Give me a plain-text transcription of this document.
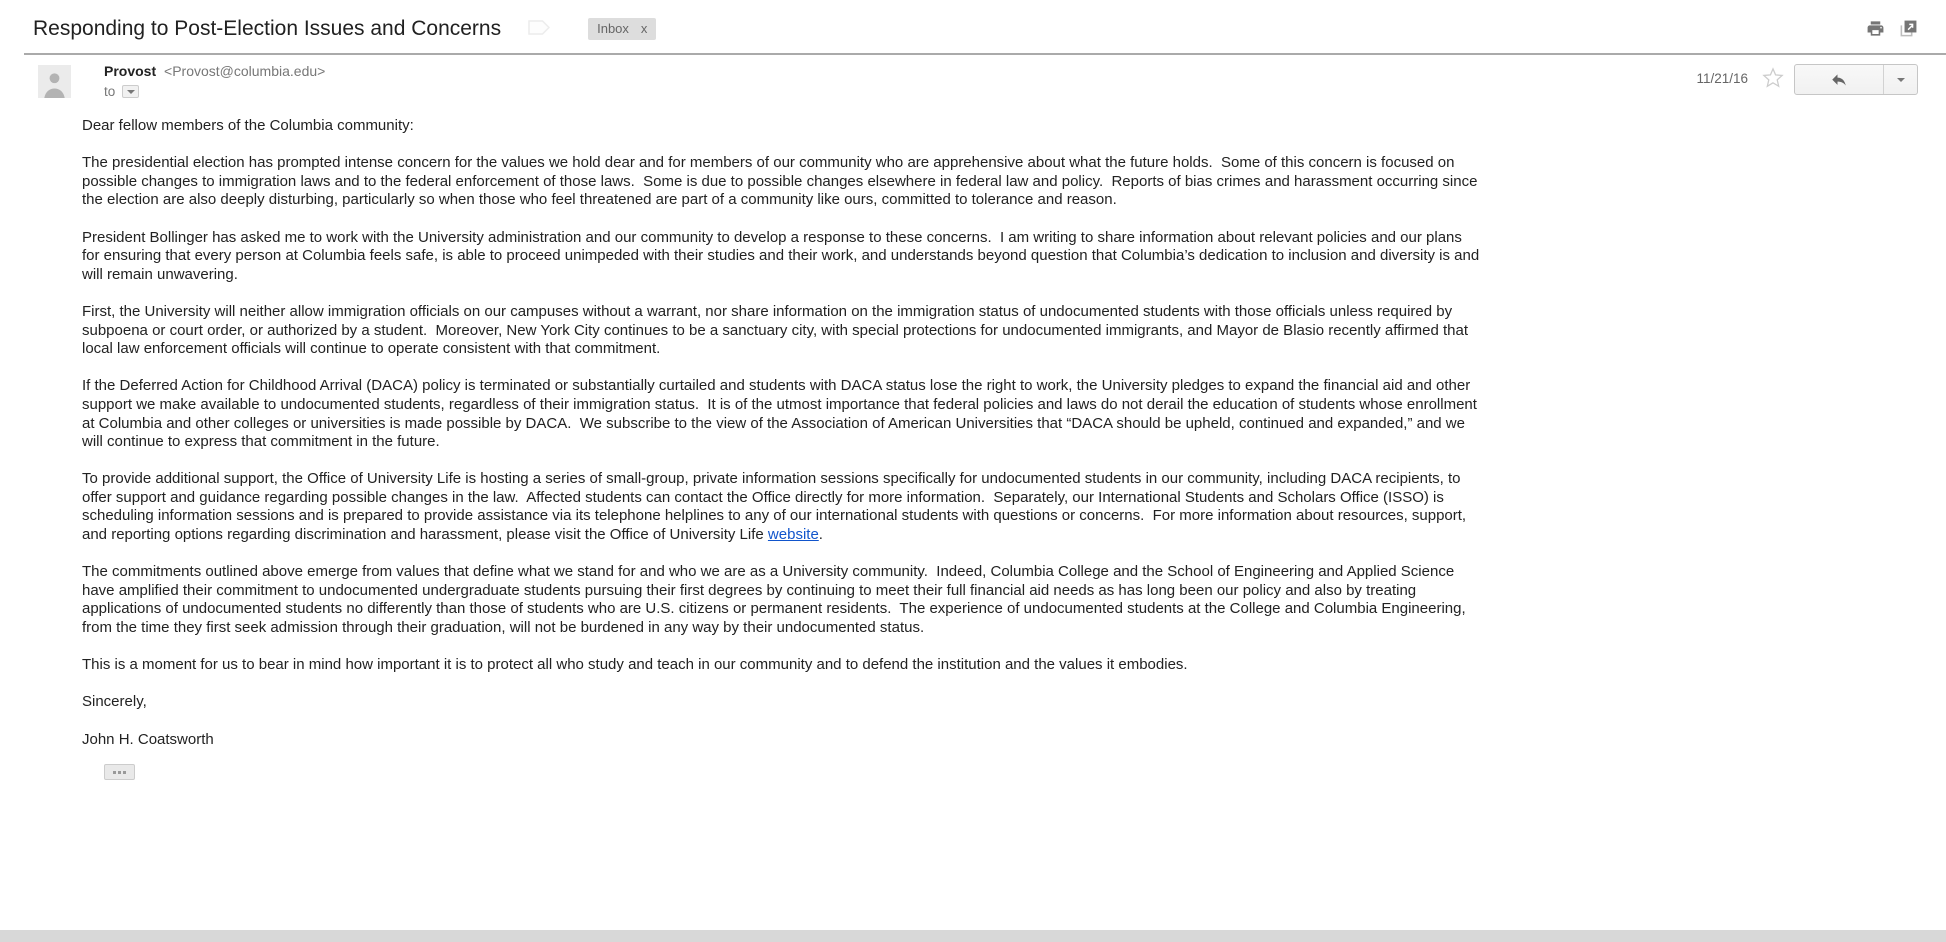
Responding to Post-Election Issues and Concerns	Inbox x
Provost <Provost@columbia.edu>
to
11/21/16

Dear fellow members of the Columbia community:

The presidential election has prompted intense concern for the values we hold dear and for members of our community who are apprehensive about what the future holds.  Some of this concern is focused on possible changes to immigration laws and to the federal enforcement of those laws.  Some is due to possible changes elsewhere in federal law and policy.  Reports of bias crimes and harassment occurring since the election are also deeply disturbing, particularly so when those who feel threatened are part of a community like ours, committed to tolerance and reason.

President Bollinger has asked me to work with the University administration and our community to develop a response to these concerns.  I am writing to share information about relevant policies and our plans for ensuring that every person at Columbia feels safe, is able to proceed unimpeded with their studies and their work, and understands beyond question that Columbia’s dedication to inclusion and diversity is and will remain unwavering.

First, the University will neither allow immigration officials on our campuses without a warrant, nor share information on the immigration status of undocumented students with those officials unless required by subpoena or court order, or authorized by a student.  Moreover, New York City continues to be a sanctuary city, with special protections for undocumented immigrants, and Mayor de Blasio recently affirmed that local law enforcement officials will continue to operate consistent with that commitment.

If the Deferred Action for Childhood Arrival (DACA) policy is terminated or substantially curtailed and students with DACA status lose the right to work, the University pledges to expand the financial aid and other support we make available to undocumented students, regardless of their immigration status.  It is of the utmost importance that federal policies and laws do not derail the education of students whose enrollment at Columbia and other colleges or universities is made possible by DACA.  We subscribe to the view of the Association of American Universities that “DACA should be upheld, continued and expanded,” and we will continue to express that commitment in the future.

To provide additional support, the Office of University Life is hosting a series of small-group, private information sessions specifically for undocumented students in our community, including DACA recipients, to offer support and guidance regarding possible changes in the law.  Affected students can contact the Office directly for more information.  Separately, our International Students and Scholars Office (ISSO) is scheduling information sessions and is prepared to provide assistance via its telephone helplines to any of our international students with questions or concerns.  For more information about resources, support, and reporting options regarding discrimination and harassment, please visit the Office of University Life website.

The commitments outlined above emerge from values that define what we stand for and who we are as a University community.  Indeed, Columbia College and the School of Engineering and Applied Science have amplified their commitment to undocumented undergraduate students pursuing their first degrees by continuing to meet their full financial aid needs as has long been our policy and also by treating applications of undocumented students no differently than those of students who are U.S. citizens or permanent residents.  The experience of undocumented students at the College and Columbia Engineering, from the time they first seek admission through their graduation, will not be burdened in any way by their undocumented status.

This is a moment for us to bear in mind how important it is to protect all who study and teach in our community and to defend the institution and the values it embodies.

Sincerely,

John H. Coatsworth
